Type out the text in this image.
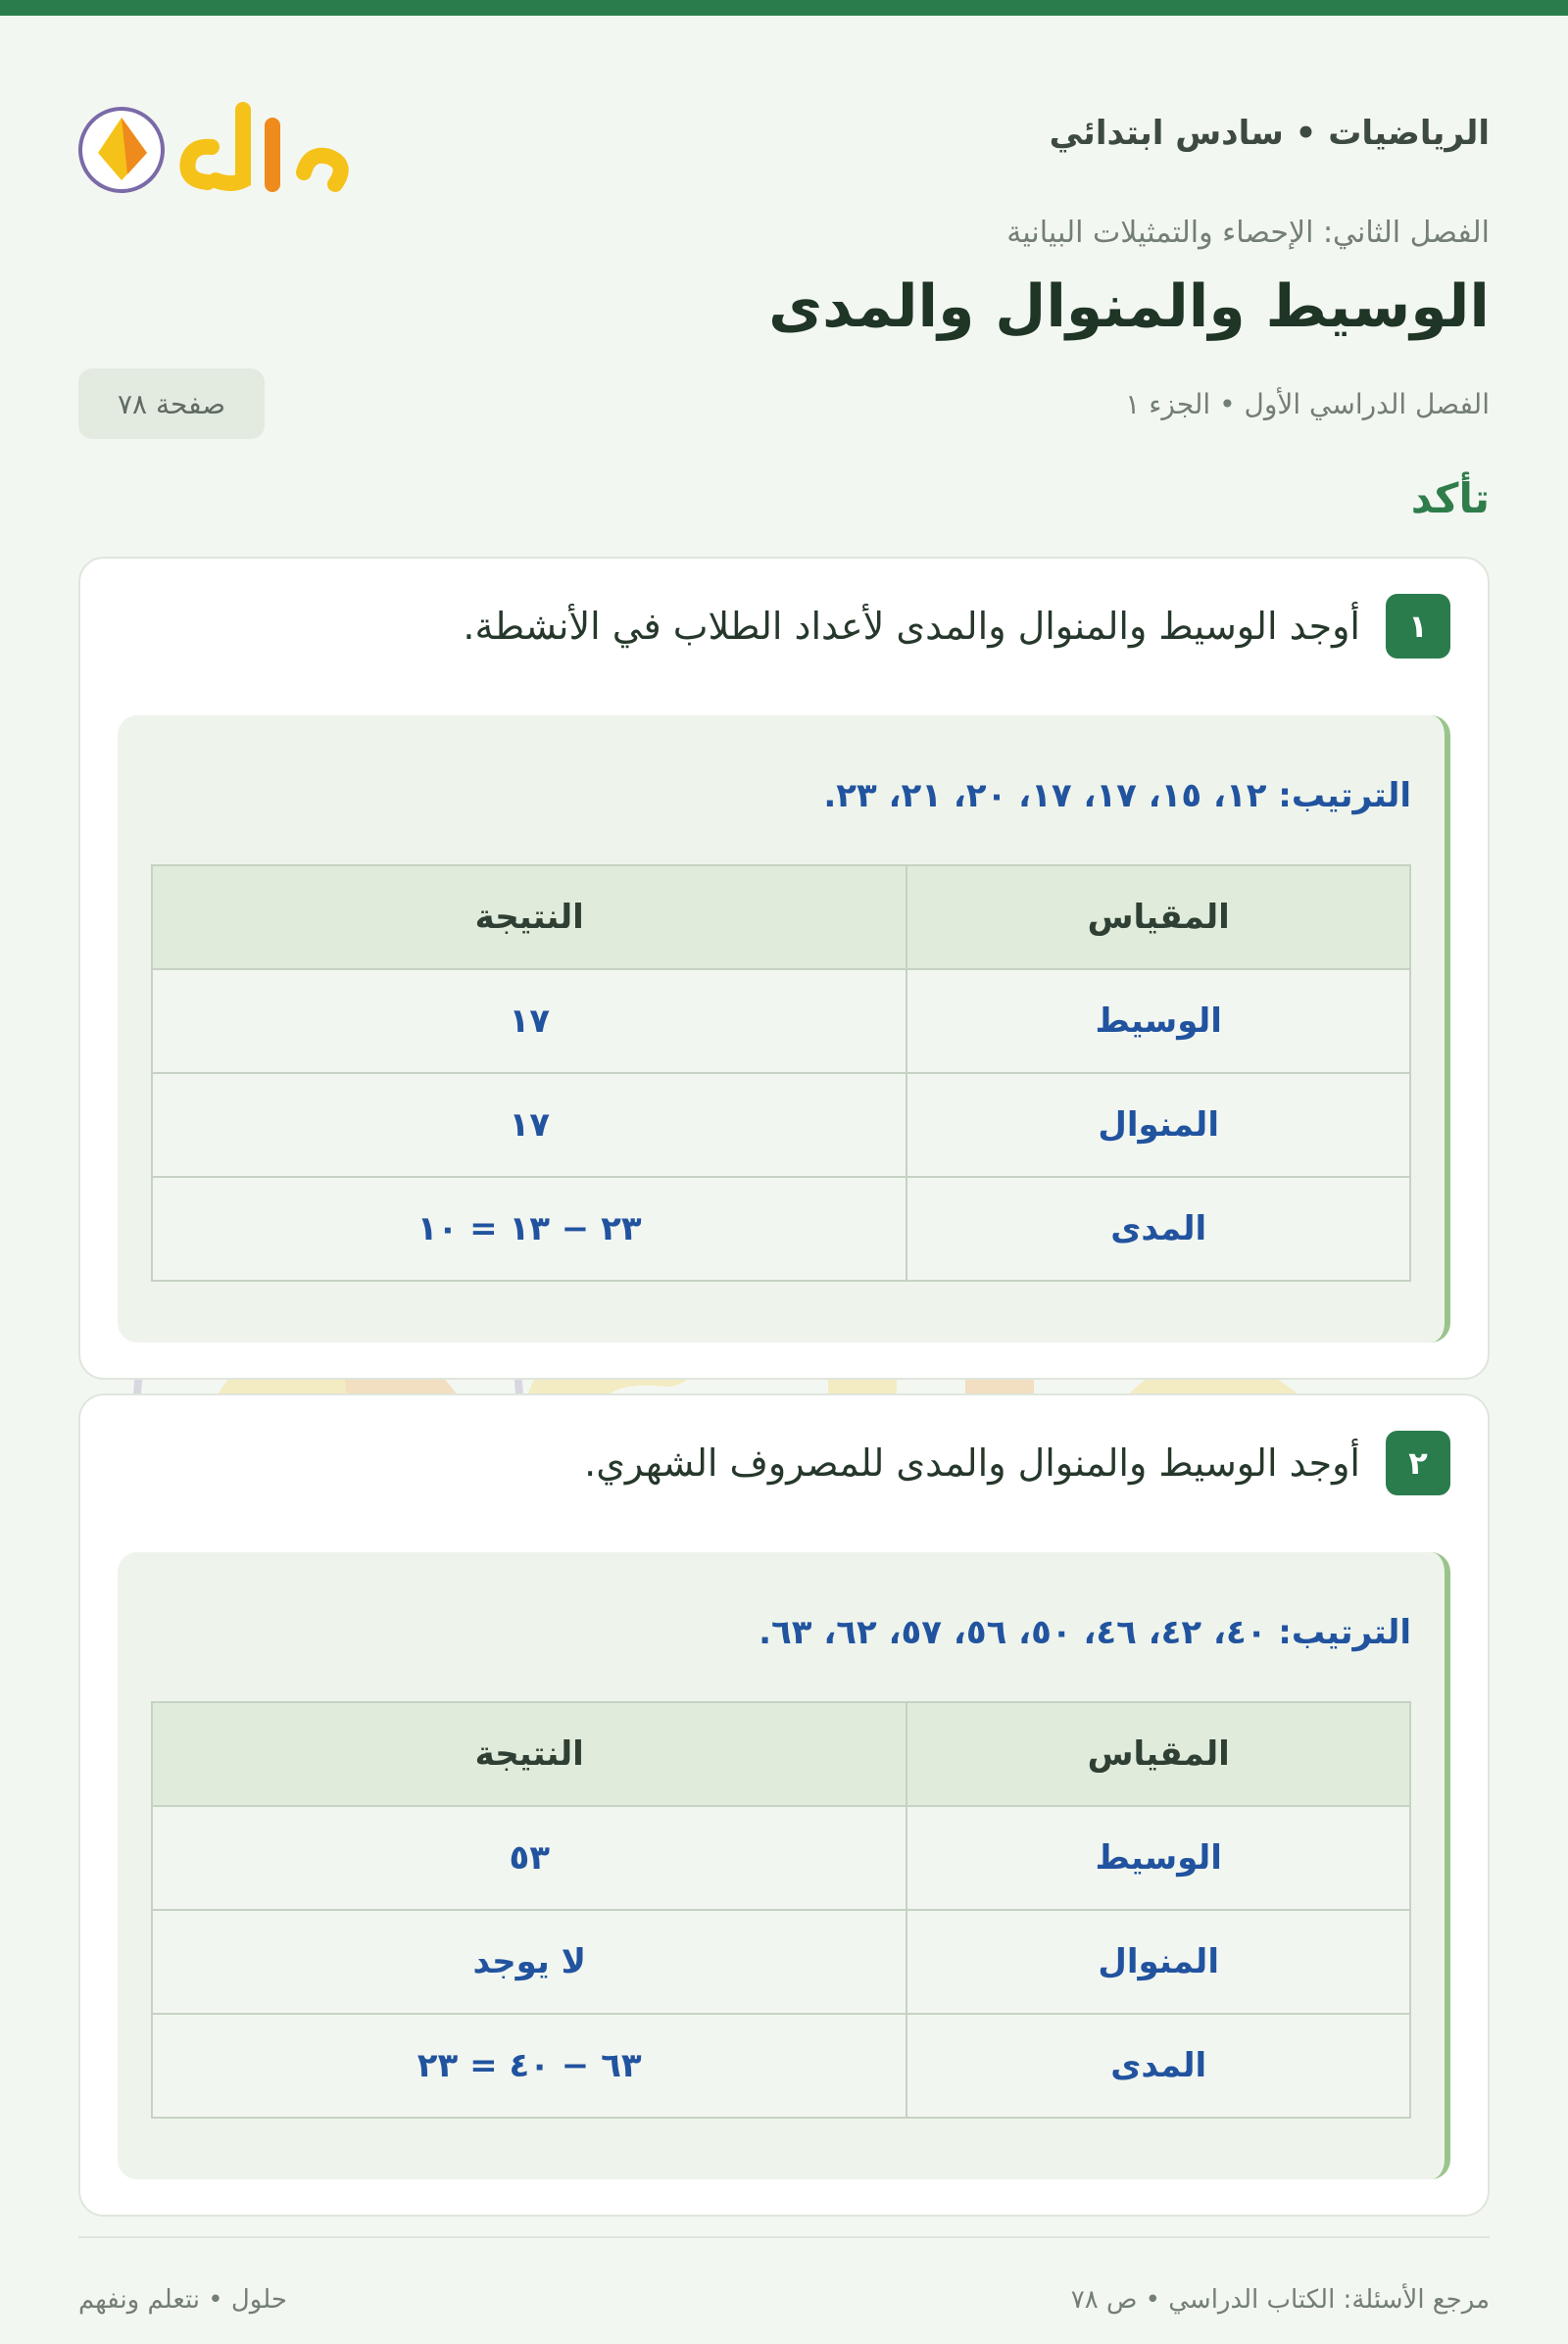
الرياضيات • سادس ابتدائي
حلول
الفصل الثاني: الإحصاء والتمثيلات البيانية
الوسيط والمنوال والمدى
الفصل الدراسي الأول • الجزء ١
صفحة ٧٨
تأكد
١
أوجد الوسيط والمنوال والمدى لأعداد الطلاب في الأنشطة.
الترتيب: ١٢، ١٥، ١٧، ١٧، ٢٠، ٢١، ٢٣.
المقياس	النتيجة
الوسيط	١٧
المنوال	١٧
المدى	٢٣ − ١٣ = ١٠
٢
أوجد الوسيط والمنوال والمدى للمصروف الشهري.
الترتيب: ٤٠، ٤٢، ٤٦، ٥٠، ٥٦، ٥٧، ٦٢، ٦٣.
المقياس	النتيجة
الوسيط	٥٣
المنوال	لا يوجد
المدى	٦٣ − ٤٠ = ٢٣
مرجع الأسئلة: الكتاب الدراسي • ص ٧٨
حلول • نتعلم ونفهم
